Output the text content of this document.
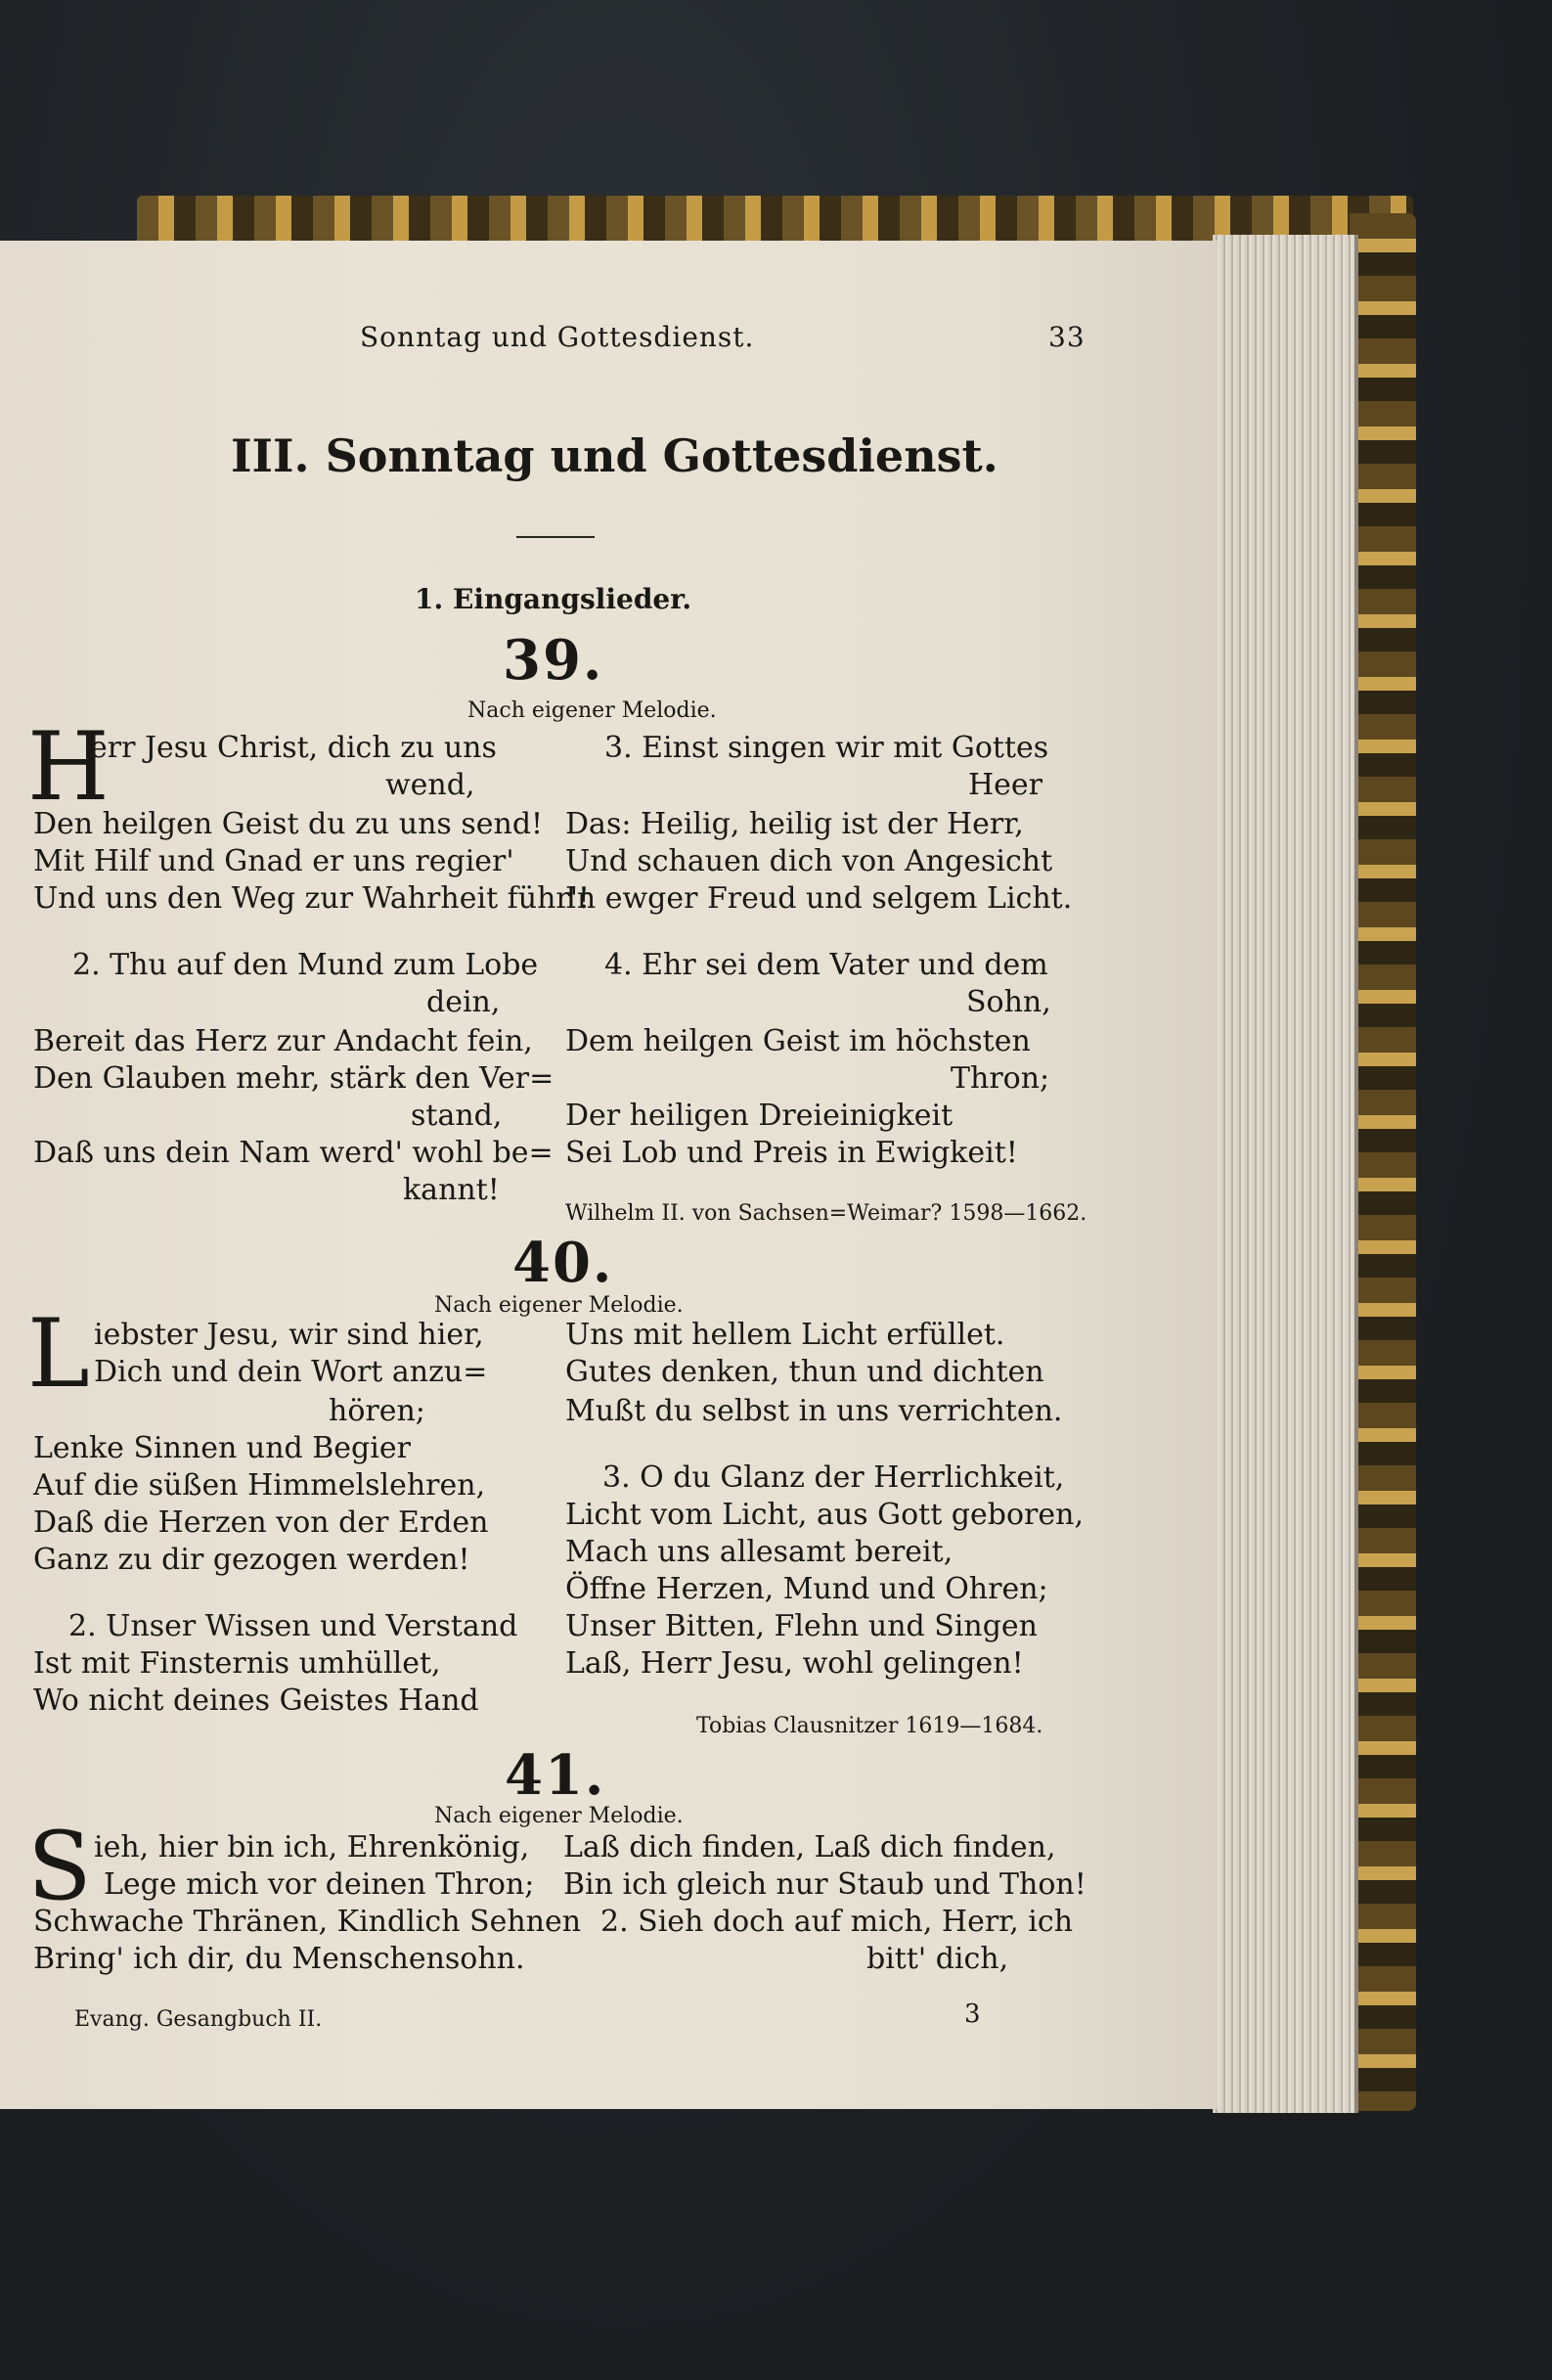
Sonntag und Gottesdienst.	33
III. Sonntag und Gottesdienst.
1. Eingangslieder.
39.
Nach eigener Melodie.
H
err Jesu Christ, dich zu uns
wend,
Den heilgen Geist du zu uns send!
Mit Hilf und Gnad er uns regier'
Und uns den Weg zur Wahrheit führ'!
2. Thu auf den Mund zum Lobe
dein,
Bereit das Herz zur Andacht fein,
Den Glauben mehr, stärk den Ver=
stand,
Daß uns dein Nam werd' wohl be=
kannt!
3. Einst singen wir mit Gottes
Heer
Das: Heilig, heilig ist der Herr,
Und schauen dich von Angesicht
In ewger Freud und selgem Licht.
4. Ehr sei dem Vater und dem
Sohn,
Dem heilgen Geist im höchsten
Thron;
Der heiligen Dreieinigkeit
Sei Lob und Preis in Ewigkeit!
Wilhelm II. von Sachsen=Weimar? 1598—1662.
40.
Nach eigener Melodie.
L iebster Jesu, wir sind hier,
Dich und dein Wort anzu=
hören;
Lenke Sinnen und Begier
Auf die süßen Himmelslehren,
Daß die Herzen von der Erden
Ganz zu dir gezogen werden!
2. Unser Wissen und Verstand
Ist mit Finsternis umhüllet,
Wo nicht deines Geistes Hand
Uns mit hellem Licht erfüllet.
Gutes denken, thun und dichten
Mußt du selbst in uns verrichten.
3. O du Glanz der Herrlichkeit,
Licht vom Licht, aus Gott geboren,
Mach uns allesamt bereit,
Öffne Herzen, Mund und Ohren;
Unser Bitten, Flehn und Singen
Laß, Herr Jesu, wohl gelingen!
Tobias Clausnitzer 1619—1684.
41.
Nach eigener Melodie.
S ieh, hier bin ich, Ehrenkönig,
Lege mich vor deinen Thron;
Schwache Thränen, Kindlich Sehnen
Bring' ich dir, du Menschensohn.
Laß dich finden, Laß dich finden,
Bin ich gleich nur Staub und Thon!
2. Sieh doch auf mich, Herr, ich
bitt' dich,
Evang. Gesangbuch II.	3
